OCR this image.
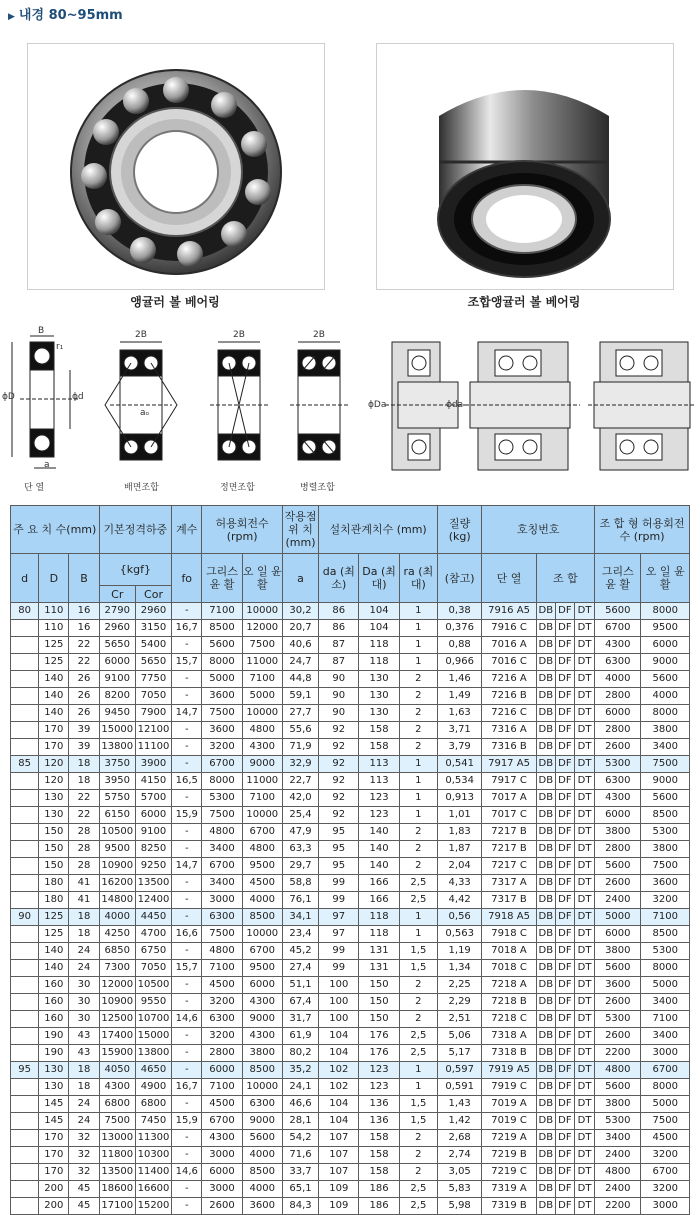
▶ 내경 80~95mm
앵귤러 볼 베어링	조합앵귤러 볼 베어링
B
r₁
ϕD	ϕd
a
2B	2B	2B
aₒ
ϕDa	ϕda
단 열	배면조합	정면조합	병렬조합
주 요 치 수(mm)			기본정격하중		계수	허용회전수 (rpm)		작용점 위 치 (mm)	설치관계치수 (mm)			질량 (kg)	호칭번호				조 합 형 허용회전수 (rpm)	
d	D	B	{kgf}		fo	그리스 윤 활	오 일 윤 활	a	da (최소)	Da (최대)	ra (최대)	(참고)	단 열	조 합			그리스 윤 활	오 일 윤 활
			Cr	Cor														
80	110	16	2790	2960	-	7100	10000	30,2	86	104	1	0,38	7916 A5	DB	DF	DT	5600	8000
	110	16	2960	3150	16,7	8500	12000	20,7	86	104	1	0,376	7916 C	DB	DF	DT	6700	9500
	125	22	5650	5400	-	5600	7500	40,6	87	118	1	0,88	7016 A	DB	DF	DT	4300	6000
	125	22	6000	5650	15,7	8000	11000	24,7	87	118	1	0,966	7016 C	DB	DF	DT	6300	9000
	140	26	9100	7750	-	5000	7100	44,8	90	130	2	1,46	7216 A	DB	DF	DT	4000	5600
	140	26	8200	7050	-	3600	5000	59,1	90	130	2	1,49	7216 B	DB	DF	DT	2800	4000
	140	26	9450	7900	14,7	7500	10000	27,7	90	130	2	1,63	7216 C	DB	DF	DT	6000	8000
	170	39	15000	12100	-	3600	4800	55,6	92	158	2	3,71	7316 A	DB	DF	DT	2800	3800
	170	39	13800	11100	-	3200	4300	71,9	92	158	2	3,79	7316 B	DB	DF	DT	2600	3400
85	120	18	3750	3900	-	6700	9000	32,9	92	113	1	0,541	7917 A5	DB	DF	DT	5300	7500
	120	18	3950	4150	16,5	8000	11000	22,7	92	113	1	0,534	7917 C	DB	DF	DT	6300	9000
	130	22	5750	5700	-	5300	7100	42,0	92	123	1	0,913	7017 A	DB	DF	DT	4300	5600
	130	22	6150	6000	15,9	7500	10000	25,4	92	123	1	1,01	7017 C	DB	DF	DT	6000	8500
	150	28	10500	9100	-	4800	6700	47,9	95	140	2	1,83	7217 B	DB	DF	DT	3800	5300
	150	28	9500	8250	-	3400	4800	63,3	95	140	2	1,87	7217 B	DB	DF	DT	2800	3800
	150	28	10900	9250	14,7	6700	9500	29,7	95	140	2	2,04	7217 C	DB	DF	DT	5600	7500
	180	41	16200	13500	-	3400	4500	58,8	99	166	2,5	4,33	7317 A	DB	DF	DT	2600	3600
	180	41	14800	12400	-	3000	4000	76,1	99	166	2,5	4,42	7317 B	DB	DF	DT	2400	3200
90	125	18	4000	4450	-	6300	8500	34,1	97	118	1	0,56	7918 A5	DB	DF	DT	5000	7100
	125	18	4250	4700	16,6	7500	10000	23,4	97	118	1	0,563	7918 C	DB	DF	DT	6000	8500
	140	24	6850	6750	-	4800	6700	45,2	99	131	1,5	1,19	7018 A	DB	DF	DT	3800	5300
	140	24	7300	7050	15,7	7100	9500	27,4	99	131	1,5	1,34	7018 C	DB	DF	DT	5600	8000
	160	30	12000	10500	-	4500	6000	51,1	100	150	2	2,25	7218 A	DB	DF	DT	3600	5000
	160	30	10900	9550	-	3200	4300	67,4	100	150	2	2,29	7218 B	DB	DF	DT	2600	3400
	160	30	12500	10700	14,6	6300	9000	31,7	100	150	2	2,51	7218 C	DB	DF	DT	5300	7100
	190	43	17400	15000	-	3200	4300	61,9	104	176	2,5	5,06	7318 A	DB	DF	DT	2600	3400
	190	43	15900	13800	-	2800	3800	80,2	104	176	2,5	5,17	7318 B	DB	DF	DT	2200	3000
95	130	18	4050	4650	-	6000	8500	35,2	102	123	1	0,597	7919 A5	DB	DF	DT	4800	6700
	130	18	4300	4900	16,7	7100	10000	24,1	102	123	1	0,591	7919 C	DB	DF	DT	5600	8000
	145	24	6800	6800	-	4500	6300	46,6	104	136	1,5	1,43	7019 A	DB	DF	DT	3800	5000
	145	24	7500	7450	15,9	6700	9000	28,1	104	136	1,5	1,42	7019 C	DB	DF	DT	5300	7500
	170	32	13000	11300	-	4300	5600	54,2	107	158	2	2,68	7219 A	DB	DF	DT	3400	4500
	170	32	11800	10300	-	3000	4000	71,6	107	158	2	2,74	7219 B	DB	DF	DT	2400	3200
	170	32	13500	11400	14,6	6000	8500	33,7	107	158	2	3,05	7219 C	DB	DF	DT	4800	6700
	200	45	18600	16600	-	3000	4000	65,1	109	186	2,5	5,83	7319 A	DB	DF	DT	2400	3200
	200	45	17100	15200	-	2600	3600	84,3	109	186	2,5	5,98	7319 B	DB	DF	DT	2200	3000
